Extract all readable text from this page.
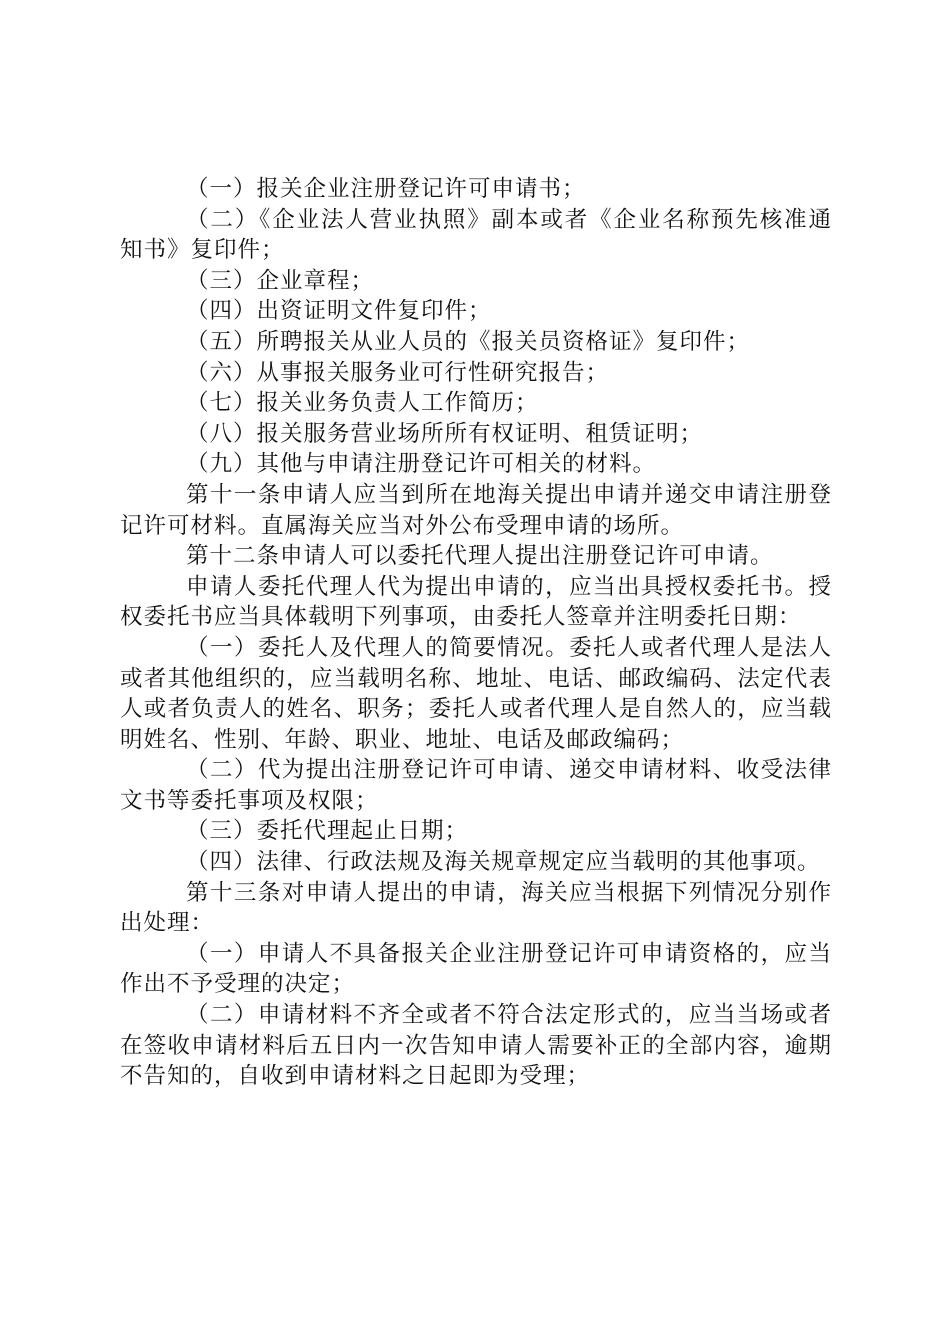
（一）报关企业注册登记许可申请书；

（二）《企业法人营业执照》副本或者《企业名称预先核准通知书》复印件；

（三）企业章程；

（四）出资证明文件复印件；

（五）所聘报关从业人员的《报关员资格证》复印件；

（六）从事报关服务业可行性研究报告；

（七）报关业务负责人工作简历；

（八）报关服务营业场所所有权证明、租赁证明；

（九）其他与申请注册登记许可相关的材料。

第十一条申请人应当到所在地海关提出申请并递交申请注册登记许可材料。直属海关应当对外公布受理申请的场所。

第十二条申请人可以委托代理人提出注册登记许可申请。

申请人委托代理人代为提出申请的，应当出具授权委托书。授权委托书应当具体载明下列事项，由委托人签章并注明委托日期：

（一）委托人及代理人的简要情况。委托人或者代理人是法人或者其他组织的，应当载明名称、地址、电话、邮政编码、法定代表人或者负责人的姓名、职务；委托人或者代理人是自然人的，应当载明姓名、性别、年龄、职业、地址、电话及邮政编码；

（二）代为提出注册登记许可申请、递交申请材料、收受法律文书等委托事项及权限；

（三）委托代理起止日期；

（四）法律、行政法规及海关规章规定应当载明的其他事项。

第十三条对申请人提出的申请，海关应当根据下列情况分别作出处理：

（一）申请人不具备报关企业注册登记许可申请资格的，应当作出不予受理的决定；

（二）申请材料不齐全或者不符合法定形式的，应当当场或者在签收申请材料后五日内一次告知申请人需要补正的全部内容，逾期不告知的，自收到申请材料之日起即为受理；
